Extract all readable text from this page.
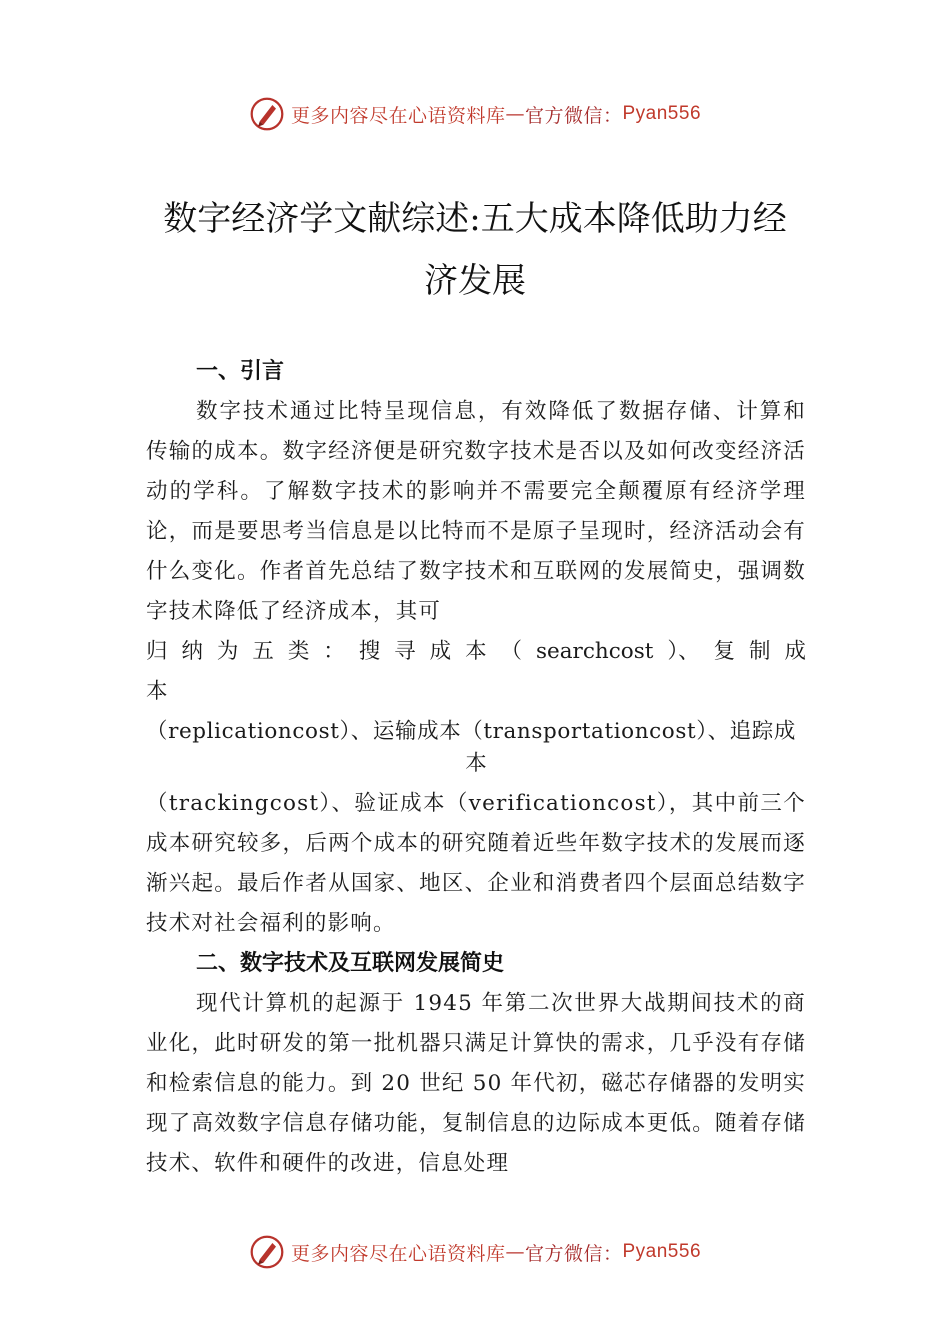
更多内容尽在心语资料库 — 官方微信： Pyan556
数字经济学文献综述:五大成本降低助力经
济发展

一、引言

数字技术通过比特呈现信息，有效降低了数据存储、计算和传输的成本。数字经济便是研究数字技术是否以及如何改变经济活动的学科。了解数字技术的影响并不需要完全颠覆原有经济学理论，而是要思考当信息是以比特而不是原子呈现时，经济活动会有什么变化。作者首先总结了数字技术和互联网的发展简史，强调数字技术降低了经济成本，其可

归 纳 为 五 类 ： 搜 寻 成 本 （ searchcost ）、 复 制 成

本

（replicationcost）、运输成本（transportationcost）、追踪成

本

（trackingcost）、验证成本（verificationcost），其中前三个成本研究较多，后两个成本的研究随着近些年数字技术的发展而逐渐兴起。最后作者从国家、地区、企业和消费者四个层面总结数字技术对社会福利的影响。

二、数字技术及互联网发展简史

现代计算机的起源于 1945 年第二次世界大战期间技术的商业化，此时研发的第一批机器只满足计算快的需求，几乎没有存储和检索信息的能力。到 20 世纪 50 年代初，磁芯存储器的发明实现了高效数字信息存储功能，复制信息的边际成本更低。随着存储技术、软件和硬件的改进，信息处理

更多内容尽在心语资料库 — 官方微信： Pyan556
